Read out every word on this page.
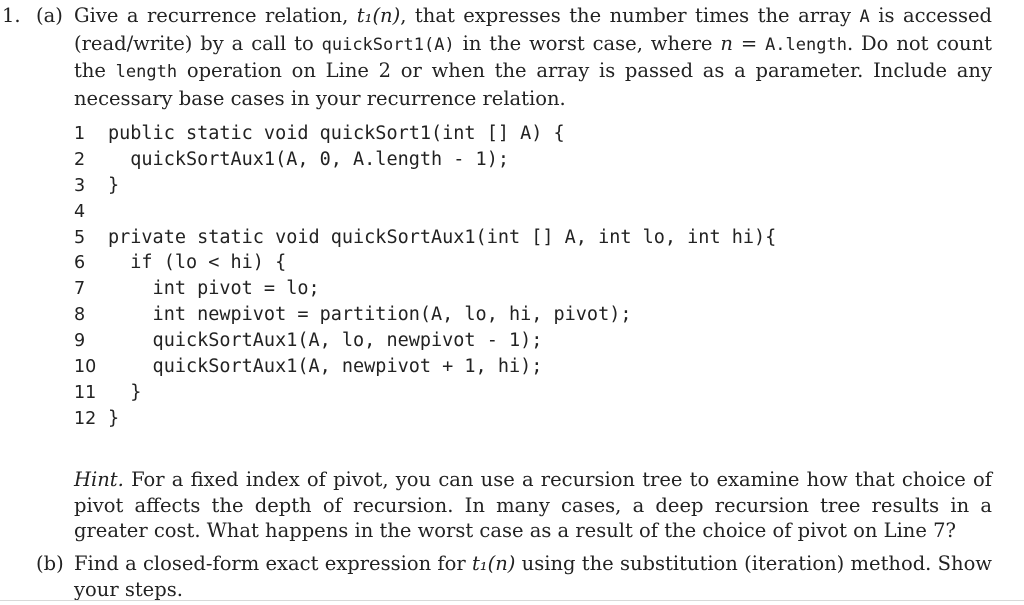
1. (a) Give a recurrence relation, t₁(n), that expresses the number times the array A is accessed (read/write) by a call to quickSort1(A) in the worst case, where n = A.length. Do not count the length operation on Line 2 or when the array is passed as a parameter. Include any necessary base cases in your recurrence relation.
1 public static void quickSort1(int [] A) {
2  quickSortAux1(A, 0, A.length - 1);
3 }
4
5 private static void quickSortAux1(int [] A, int lo, int hi){
6  if (lo < hi) {
7    int pivot = lo;
8    int newpivot = partition(A, lo, hi, pivot);
9    quickSortAux1(A, lo, newpivot - 1);
10    quickSortAux1(A, newpivot + 1, hi);
11  }
12 }
Hint. For a fixed index of pivot, you can use a recursion tree to examine how that choice of pivot affects the depth of recursion. In many cases, a deep recursion tree results in a greater cost. What happens in the worst case as a result of the choice of pivot on Line 7?
(b) Find a closed-form exact expression for t₁(n) using the substitution (iteration) method. Show your steps.
